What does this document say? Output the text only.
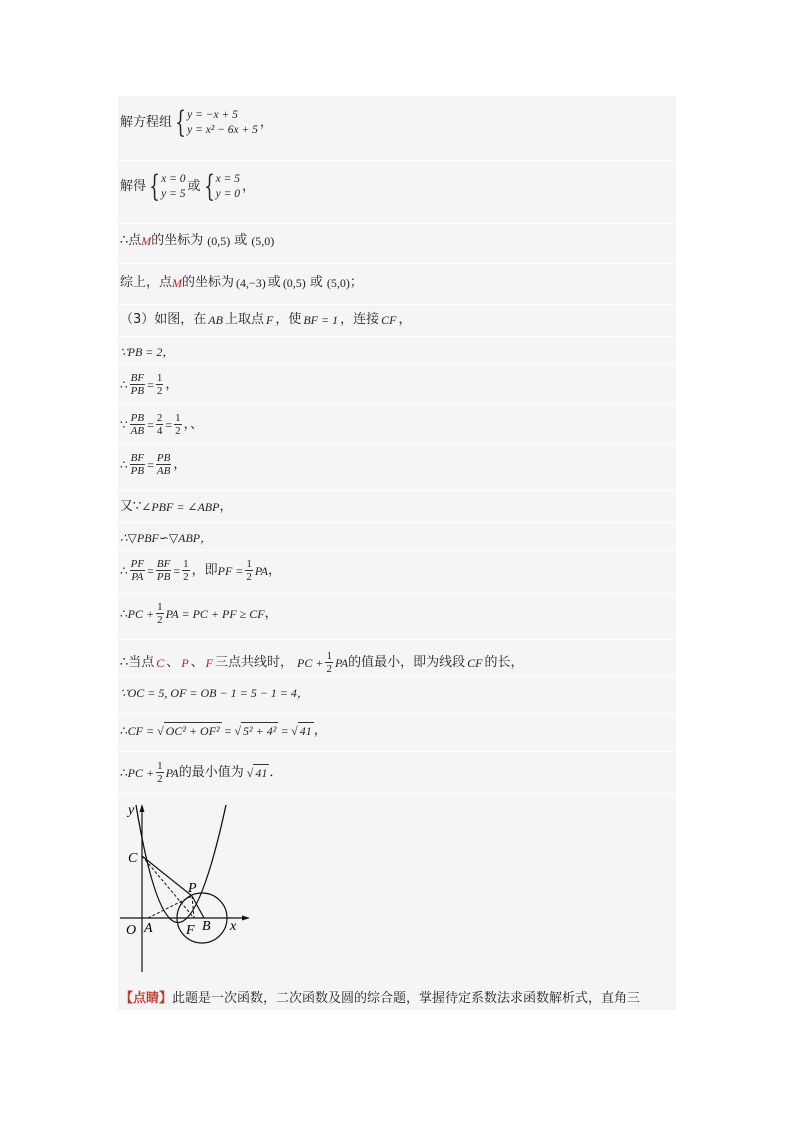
解方程组 { y = −x + 5
y = x² − 6x + 5 ，
解得 { x = 0
y = 5 或 { x = 5
y = 0 ，
∴点 M 的坐标为 (0,5) 或 (5,0)
综上，点 M 的坐标为 (4,−3) 或 (0,5) 或 (5,0) ；
（3）如图，在 AB 上取点 F ，使 BF = 1 ，连接 CF ，
∵PB = 2，
∴ $\frac{BF}{PB} = \frac{1}{2}$ ，
∵ $\frac{PB}{AB} = \frac{2}{4} = \frac{1}{2}$ ，、
∴ $\frac{BF}{PB} = \frac{PB}{AB}$ ，
又∵ ∠PBF = ∠ABP ，
∴▽PBF∽▽ABP，
∴ $\frac{PF}{PA} = \frac{BF}{PB} = \frac{1}{2}$ ，即 PF = $\frac{1}{2}$ PA ，
∴ PC + $\frac{1}{2}$ PA = PC + PF ≥ CF ，
∴当点 C 、 P 、 F 三点共线时， PC + $\frac{1}{2}$ PA 的值最小，即为线段 CF 的长，
∵OC = 5, OF = OB − 1 = 5 − 1 = 4，
∴ CF = √ OC² + OF² = √ 5² + 4² = √ 41 ，
∴ PC + $\frac{1}{2}$ PA 的最小值为 √ 41 ．
【点睛】此题是一次函数，二次函数及圆的综合题，掌握待定系数法求函数解析式，直角三
y
x
C
P
O A F B
